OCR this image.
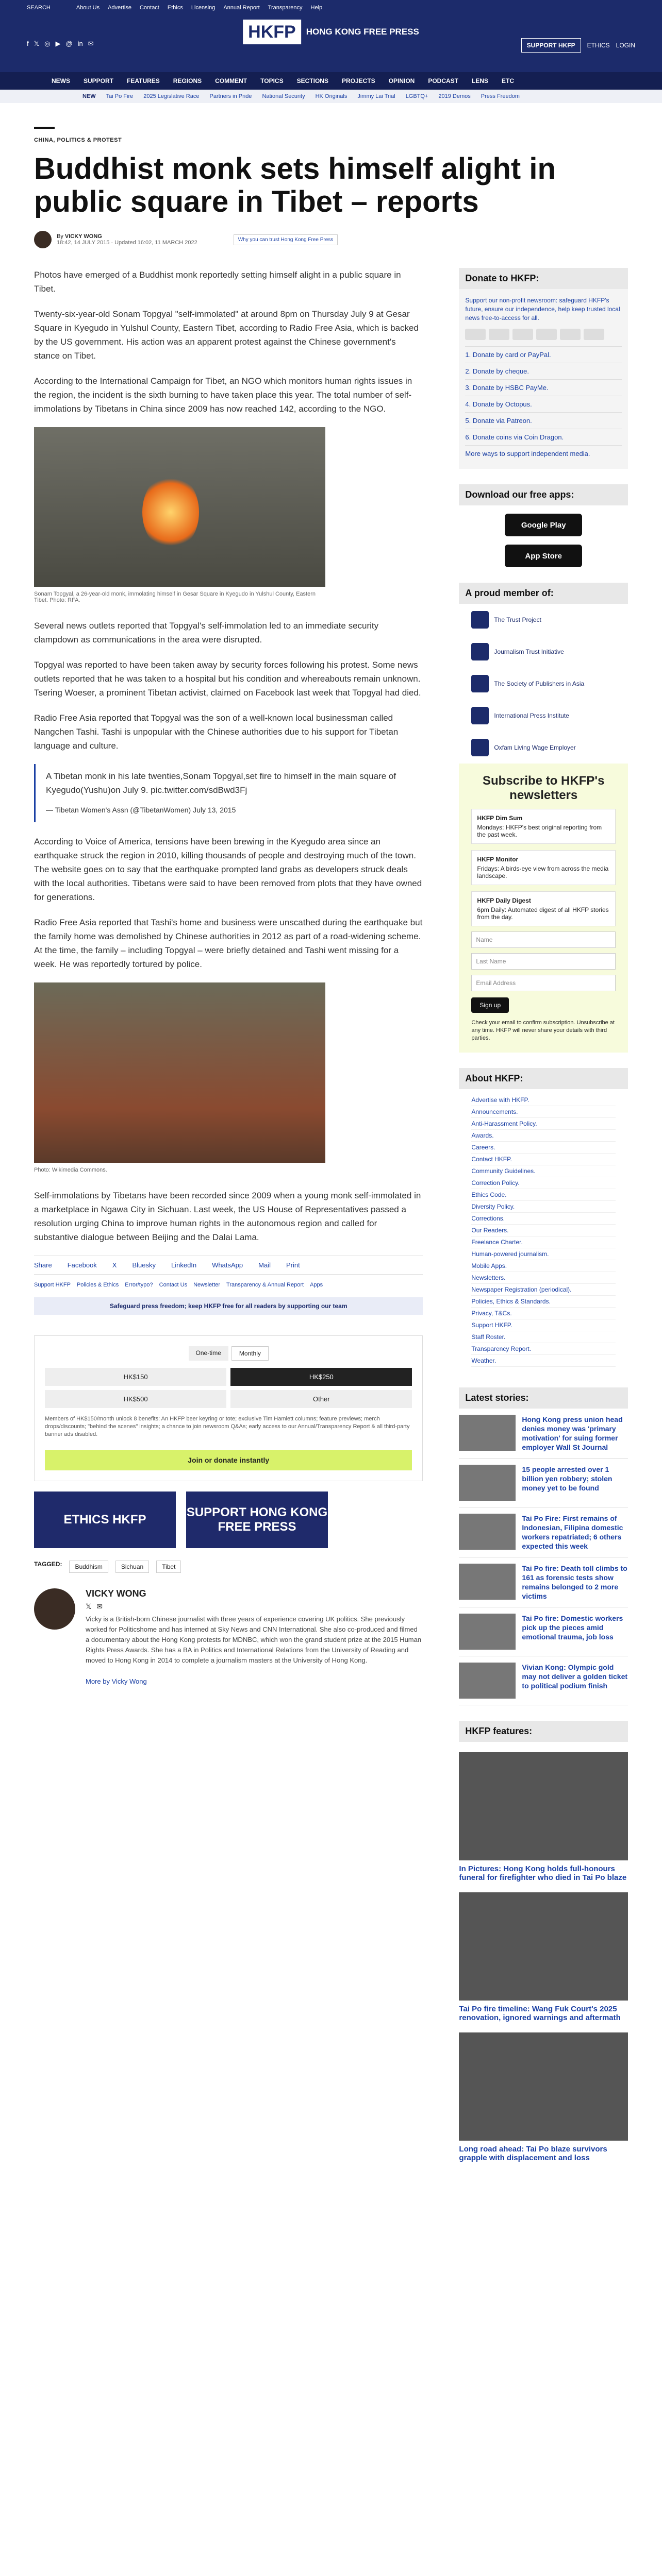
SEARCH	About Us Advertise Contact Ethics Licensing Annual Report Transparency Help
f 𝕏 ◎ ▶ @ in ✉
HKFP	HONG KONG FREE PRESS
SUPPORT HKFP	ETHICS LOGIN
NEWS SUPPORT FEATURES REGIONS COMMENT TOPICS SECTIONS PROJECTS OPINION PODCAST LENS ETC
NEW Tai Po Fire 2025 Legislative Race Partners in Pride National Security HK Originals Jimmy Lai Trial LGBTQ+ 2019 Demos Press Freedom
CHINA, POLITICS & PROTEST
Buddhist monk sets himself alight in public square in Tibet – reports
By VICKY WONG
18:42, 14 JULY 2015 · Updated 16:02, 11 MARCH 2022	Why you can trust Hong Kong Free Press

Photos have emerged of a Buddhist monk reportedly setting himself alight in a public square in Tibet.

Twenty-six-year-old Sonam Topgyal "self-immolated" at around 8pm on Thursday July 9 at Gesar Square in Kyegudo in Yulshul County, Eastern Tibet, according to Radio Free Asia, which is backed by the US government. His action was an apparent protest against the Chinese government's stance on Tibet.

According to the International Campaign for Tibet, an NGO which monitors human rights issues in the region, the incident is the sixth burning to have taken place this year. The total number of self-immolations by Tibetans in China since 2009 has now reached 142, according to the NGO.

Sonam Topgyal, a 26-year-old monk, immolating himself in Gesar Square in Kyegudo in Yulshul County, Eastern Tibet. Photo: RFA.

Several news outlets reported that Topgyal's self-immolation led to an immediate security clampdown as communications in the area were disrupted.

Topgyal was reported to have been taken away by security forces following his protest. Some news outlets reported that he was taken to a hospital but his condition and whereabouts remain unknown. Tsering Woeser, a prominent Tibetan activist, claimed on Facebook last week that Topgyal had died.

Radio Free Asia reported that Topgyal was the son of a well-known local businessman called Nangchen Tashi. Tashi is unpopular with the Chinese authorities due to his support for Tibetan language and culture.

A Tibetan monk in his late twenties,Sonam Topgyal,set fire to himself in the main square of Kyegudo(Yushu)on July 9. pic.twitter.com/sdBwd3Fj

— Tibetan Women's Assn (@TibetanWomen) July 13, 2015

According to Voice of America, tensions have been brewing in the Kyegudo area since an earthquake struck the region in 2010, killing thousands of people and destroying much of the town. The website goes on to say that the earthquake prompted land grabs as developers struck deals with the local authorities. Tibetans were said to have been removed from plots that they have owned for generations.

Radio Free Asia reported that Tashi's home and business were unscathed during the earthquake but the family home was demolished by Chinese authorities in 2012 as part of a road-widening scheme. At the time, the family – including Topgyal – were briefly detained and Tashi went missing for a week. He was reportedly tortured by police.

Photo: Wikimedia Commons.

Self-immolations by Tibetans have been recorded since 2009 when a young monk self-immolated in a marketplace in Ngawa City in Sichuan. Last week, the US House of Representatives passed a resolution urging China to improve human rights in the autonomous region and called for substantive dialogue between Beijing and the Dalai Lama.

Share Facebook X Bluesky LinkedIn WhatsApp Mail Print
Support HKFP Policies & Ethics Error/typo? Contact Us Newsletter Transparency & Annual Report Apps
Safeguard press freedom; keep HKFP free for all readers by supporting our team
One-time	Monthly
HK$150	HK$250
HK$500	Other

Members of HK$150/month unlock 8 benefits: An HKFP beer keyring or tote; exclusive Tim Hamlett columns; feature previews; merch drops/discounts; "behind the scenes" insights; a chance to join newsroom Q&As; early access to our Annual/Transparency Report & all third-party banner ads disabled.

Join or donate instantly
ETHICS HKFP
SUPPORT HONG KONG FREE PRESS
TAGGED:	Buddhism	Sichuan	Tibet
VICKY WONG
𝕏 ✉

Vicky is a British-born Chinese journalist with three years of experience covering UK politics. She previously worked for Politicshome and has interned at Sky News and CNN International. She also co-produced and filmed a documentary about the Hong Kong protests for MDNBC, which won the grand student prize at the 2015 Human Rights Press Awards. She has a BA in Politics and International Relations from the University of Reading and moved to Hong Kong in 2014 to complete a journalism masters at the University of Hong Kong.

More by Vicky Wong
Donate to HKFP:

Support our non-profit newsroom: safeguard HKFP's future, ensure our independence, help keep trusted local news free-to-access for all.

1. Donate by card or PayPal.
2. Donate by cheque.
3. Donate by HSBC PayMe.
4. Donate by Octopus.
5. Donate via Patreon.
6. Donate coins via Coin Dragon.
More ways to support independent media.
Download our free apps:
Google Play
App Store
A proud member of:
The Trust Project
Journalism Trust Initiative
The Society of Publishers in Asia
International Press Institute
Oxfam Living Wage Employer
Subscribe to HKFP's newsletters
HKFP Dim Sum
Mondays: HKFP's best original reporting from the past week.
HKFP Monitor
Fridays: A birds-eye view from across the media landscape.
HKFP Daily Digest
6pm Daily: Automated digest of all HKFP stories from the day.
Name
Last Name
Email Address
Sign up

Check your email to confirm subscription. Unsubscribe at any time. HKFP will never share your details with third parties.

About HKFP:
Advertise with HKFP.
Announcements.
Anti-Harassment Policy.
Awards.
Careers.
Contact HKFP.
Community Guidelines.
Correction Policy.
Ethics Code.
Diversity Policy.
Corrections.
Our Readers.
Freelance Charter.
Human-powered journalism.
Mobile Apps.
Newsletters.
Newspaper Registration (periodical).
Policies, Ethics & Standards.
Privacy, T&Cs.
Support HKFP.
Staff Roster.
Transparency Report.
Weather.
Latest stories:
Hong Kong press union head denies money was 'primary motivation' for suing former employer Wall St Journal
15 people arrested over 1 billion yen robbery; stolen money yet to be found
Tai Po Fire: First remains of Indonesian, Filipina domestic workers repatriated; 6 others expected this week
Tai Po fire: Death toll climbs to 161 as forensic tests show remains belonged to 2 more victims
Tai Po fire: Domestic workers pick up the pieces amid emotional trauma, job loss
Vivian Kong: Olympic gold may not deliver a golden ticket to political podium finish
HKFP features:
In Pictures: Hong Kong holds full-honours funeral for firefighter who died in Tai Po blaze
Tai Po fire timeline: Wang Fuk Court's 2025 renovation, ignored warnings and aftermath
Long road ahead: Tai Po blaze survivors grapple with displacement and loss
